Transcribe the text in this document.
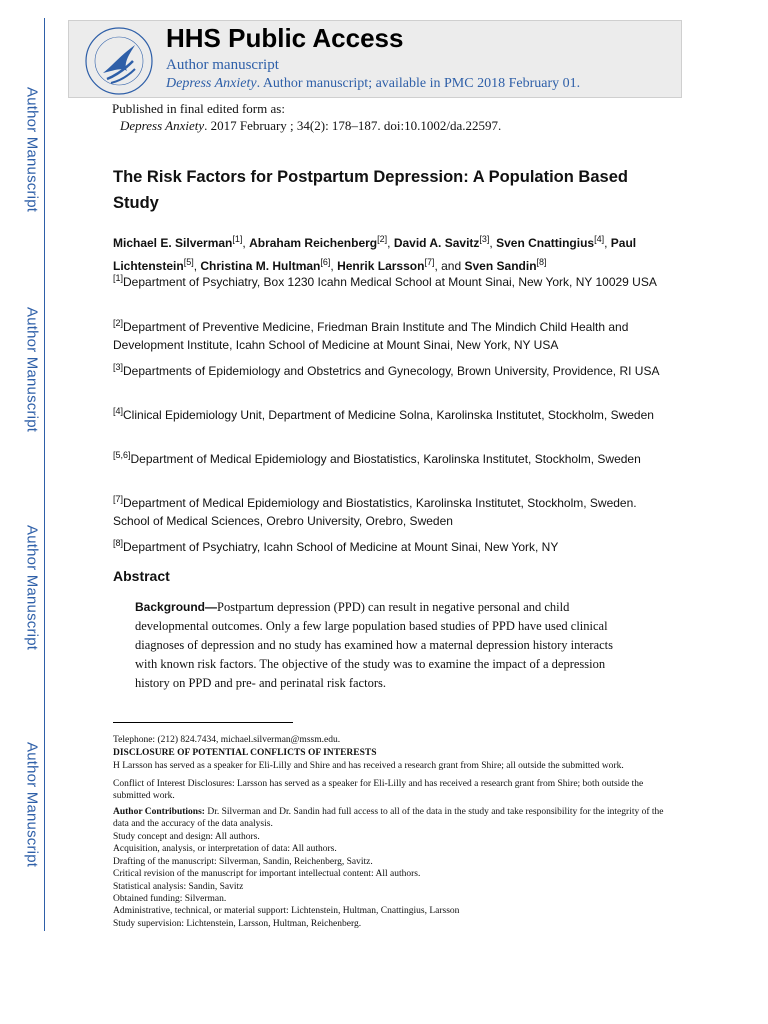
Author Manuscript
Author Manuscript
Author Manuscript
Author Manuscript
HHS Public Access
Author manuscript
Depress Anxiety. Author manuscript; available in PMC 2018 February 01.
Published in final edited form as:
Depress Anxiety. 2017 February ; 34(2): 178–187. doi:10.1002/da.22597.
The Risk Factors for Postpartum Depression: A Population Based Study
Michael E. Silverman[1], Abraham Reichenberg[2], David A. Savitz[3], Sven Cnattingius[4], Paul Lichtenstein[5], Christina M. Hultman[6], Henrik Larsson[7], and Sven Sandin[8]
[1]Department of Psychiatry, Box 1230 Icahn Medical School at Mount Sinai, New York, NY 10029 USA
[2]Department of Preventive Medicine, Friedman Brain Institute and The Mindich Child Health and Development Institute, Icahn School of Medicine at Mount Sinai, New York, NY USA
[3]Departments of Epidemiology and Obstetrics and Gynecology, Brown University, Providence, RI USA
[4]Clinical Epidemiology Unit, Department of Medicine Solna, Karolinska Institutet, Stockholm, Sweden
[5,6]Department of Medical Epidemiology and Biostatistics, Karolinska Institutet, Stockholm, Sweden
[7]Department of Medical Epidemiology and Biostatistics, Karolinska Institutet, Stockholm, Sweden. School of Medical Sciences, Orebro University, Orebro, Sweden
[8]Department of Psychiatry, Icahn School of Medicine at Mount Sinai, New York, NY
Abstract
Background—Postpartum depression (PPD) can result in negative personal and child developmental outcomes. Only a few large population based studies of PPD have used clinical diagnoses of depression and no study has examined how a maternal depression history interacts with known risk factors. The objective of the study was to examine the impact of a depression history on PPD and pre- and perinatal risk factors.
Telephone: (212) 824.7434, michael.silverman@mssm.edu.
DISCLOSURE OF POTENTIAL CONFLICTS OF INTERESTS
H Larsson has served as a speaker for Eli-Lilly and Shire and has received a research grant from Shire; all outside the submitted work.
Conflict of Interest Disclosures: Larsson has served as a speaker for Eli-Lilly and has received a research grant from Shire; both outside the submitted work.
Author Contributions: Dr. Silverman and Dr. Sandin had full access to all of the data in the study and take responsibility for the integrity of the data and the accuracy of the data analysis.
Study concept and design: All authors.
Acquisition, analysis, or interpretation of data: All authors.
Drafting of the manuscript: Silverman, Sandin, Reichenberg, Savitz.
Critical revision of the manuscript for important intellectual content: All authors.
Statistical analysis: Sandin, Savitz
Obtained funding: Silverman.
Administrative, technical, or material support: Lichtenstein, Hultman, Cnattingius, Larsson
Study supervision: Lichtenstein, Larsson, Hultman, Reichenberg.
